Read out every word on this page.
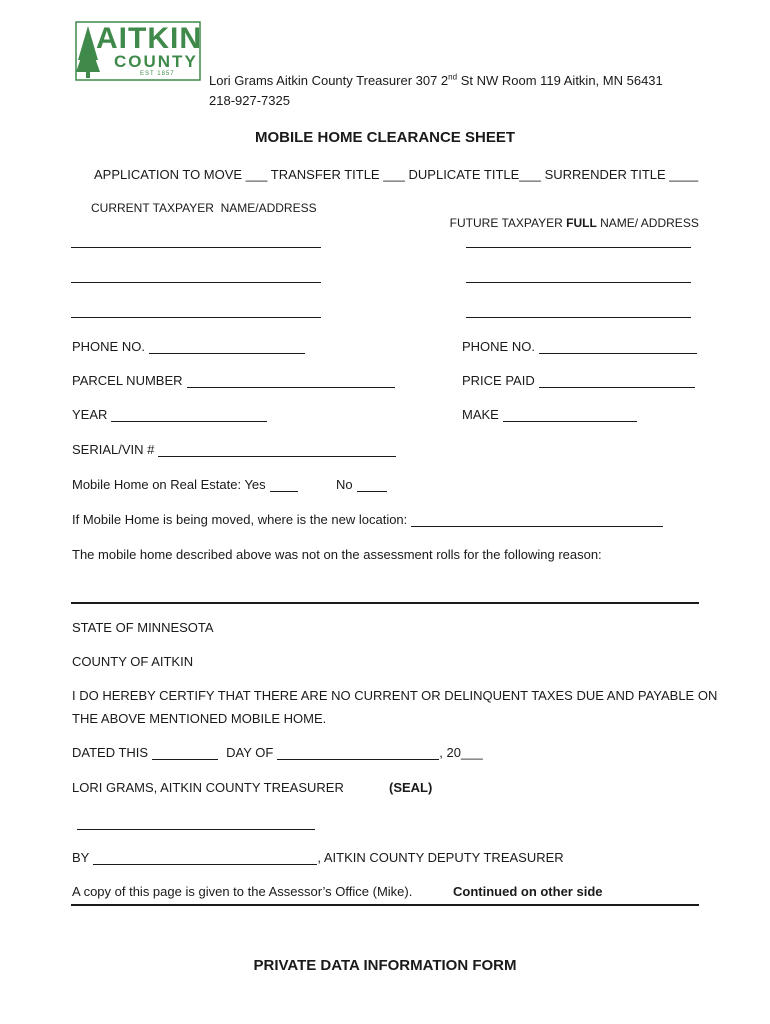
AITKIN
COUNTY
EST 1857	Lori Grams Aitkin County Treasurer 307 2nd St NW Room 119 Aitkin, MN 56431
218-927-7325
MOBILE HOME CLEARANCE SHEET
APPLICATION TO MOVE ___ TRANSFER TITLE ___ DUPLICATE TITLE___ SURRENDER TITLE ____
CURRENT TAXPAYER  NAME/ADDRESS

FUTURE TAXPAYER FULL NAME/ ADDRESS

PHONE NO.	PHONE NO.
PARCEL NUMBER	PRICE PAID
YEAR	MAKE
SERIAL/VIN #
Mobile Home on Real Estate: Yes	No
If Mobile Home is being moved, where is the new location:
The mobile home described above was not on the assessment rolls for the following reason:
STATE OF MINNESOTA
COUNTY OF AITKIN
I DO HEREBY CERTIFY THAT THERE ARE NO CURRENT OR DELINQUENT TAXES DUE AND PAYABLE ON
THE ABOVE MENTIONED MOBILE HOME.
DATED THIS	DAY OF	, 20___
LORI GRAMS, AITKIN COUNTY TREASURER	(SEAL)
BY	, AITKIN COUNTY DEPUTY TREASURER
A copy of this page is given to the Assessor’s Office (Mike).	Continued on other side
PRIVATE DATA INFORMATION FORM
